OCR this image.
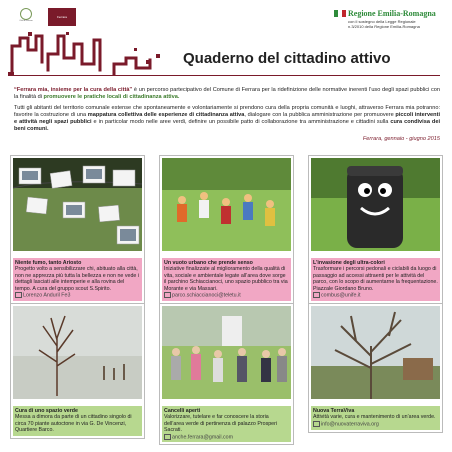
Città di Ferrara
Ferrara	Regione Emilia-Romagna
con il sostegno della Legge Regionale
n.3/2010 della Regione Emilia-Romagna
Quaderno del cittadino attivo

“Ferrara mia, insieme per la cura della città” è un percorso partecipativo del Comune di Ferrara per la ridefinizione delle normative inerenti l’uso degli spazi pubblici con la finalità di promuovere le pratiche locali di cittadinanza attiva.

Tutti gli abitanti del territorio comunale estense che spontaneamente e volontariamente si prendono cura della propria comunità e luoghi, attraverso Ferrara mia potranno: favorire la costruzione di una mappatura collettiva delle esperienze di cittadinanza attiva, dialogare con la pubblica amministrazione per promuovere piccoli interventi e attività negli spazi pubblici e in particolar modo nelle aree verdi, definire un possibile patto di collaborazione tra amministrazione e cittadini sulla cura condivisa dei beni comuni.

Ferrara, gennaio - giugno 2015
Niente fumo, tanto Ariosto
Progetto volto a sensibilizzare chi, abituato alla città, non ne apprezza più tutta la bellezza e non ne vede i dettagli lasciati alle intemperie e alla rovina del tempo. A cura del gruppo scout S.Spirito.
Lorenzo Anduril Fe3
Un vuoto urbano che prende senso
Iniziative finalizzate al miglioramento della qualità di vita, sociale e ambientale legate all’area dove sorge il parchino Schiaccianoci, uno spazio pubblico tra via Morante e via Massari.
parco.schiaccianoci@teletu.it
L’invasione degli ultra-colori
Trasformare i percorsi pedonali e ciclabili da luogo di passaggio ad accessi attraenti per le attività del parco, con lo scopo di aumentarne la frequentazione. Piazzale Giordano Bruno.
combus@unife.it
Cura di uno spazio verde
Messa a dimora da parte di un cittadino singolo di circa 70 piante autoctone in via G. De Vincenzi, Quartiere Barco.
Cancelli aperti
Valorizzare, tutelare e far conoscere la storia dell’area verde di pertinenza di palazzo Prosperi Sacrati.
anche.ferrara@gmail.com
Nuova TerraViva
Attività varie, cura e mantenimento di un’area verde.
info@nuovaterraviva.org
